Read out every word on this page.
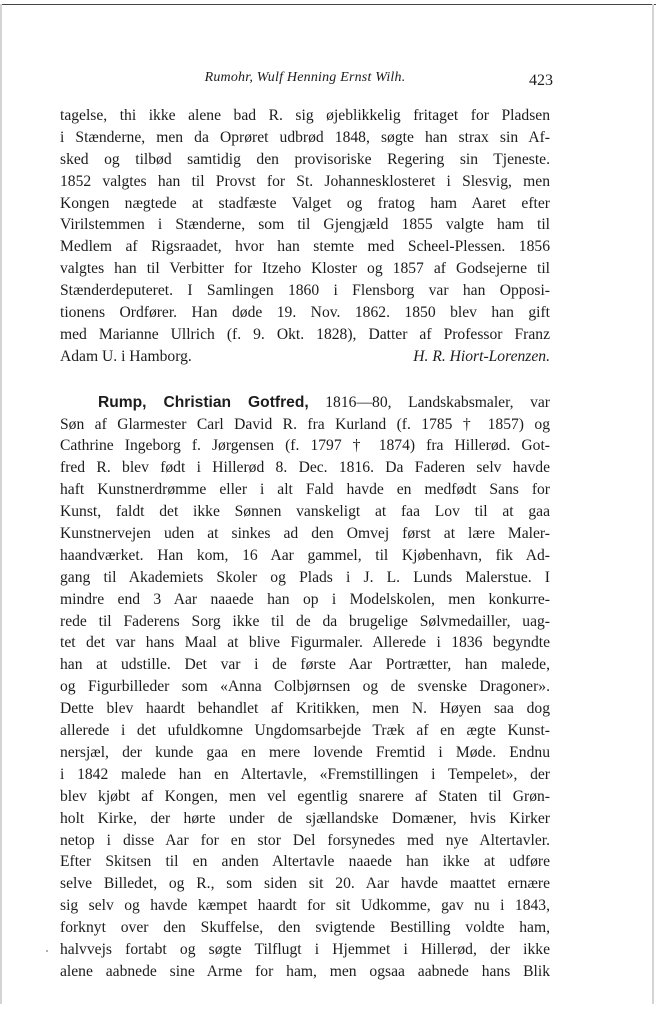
Rumohr, Wulf Henning Ernst Wilh.	423
tagelse, thi ikke alene bad R. sig øjeblikkelig fritaget for Pladsen
i Stænderne, men da Oprøret udbrød 1848, søgte han strax sin Af-
sked og tilbød samtidig den provisoriske Regering sin Tjeneste.
1852 valgtes han til Provst for St. Johannesklosteret i Slesvig, men
Kongen nægtede at stadfæste Valget og fratog ham Aaret efter
Virilstemmen i Stænderne, som til Gjengjæld 1855 valgte ham til
Medlem af Rigsraadet, hvor han stemte med Scheel-Plessen. 1856
valgtes han til Verbitter for Itzeho Kloster og 1857 af Godsejerne til
Stænderdeputeret. I Samlingen 1860 i Flensborg var han Opposi-
tionens Ordfører. Han døde 19. Nov. 1862. 1850 blev han gift
med Marianne Ullrich (f. 9. Okt. 1828), Datter af Professor Franz
Adam U. i Hamborg.	H. R. Hiort-Lorenzen.
Rump, Christian Gotfred, 1816—80, Landskabsmaler, var
Søn af Glarmester Carl David R. fra Kurland (f. 1785 † 1857) og
Cathrine Ingeborg f. Jørgensen (f. 1797 † 1874) fra Hillerød. Got-
fred R. blev født i Hillerød 8. Dec. 1816. Da Faderen selv havde
haft Kunstnerdrømme eller i alt Fald havde en medfødt Sans for
Kunst, faldt det ikke Sønnen vanskeligt at faa Lov til at gaa
Kunstnervejen uden at sinkes ad den Omvej først at lære Maler-
haandværket. Han kom, 16 Aar gammel, til Kjøbenhavn, fik Ad-
gang til Akademiets Skoler og Plads i J. L. Lunds Malerstue. I
mindre end 3 Aar naaede han op i Modelskolen, men konkurre-
rede til Faderens Sorg ikke til de da brugelige Sølvmedailler, uag-
tet det var hans Maal at blive Figurmaler. Allerede i 1836 begyndte
han at udstille. Det var i de første Aar Portrætter, han malede,
og Figurbilleder som «Anna Colbjørnsen og de svenske Dragoner».
Dette blev haardt behandlet af Kritikken, men N. Høyen saa dog
allerede i det ufuldkomne Ungdomsarbejde Træk af en ægte Kunst-
nersjæl, der kunde gaa en mere lovende Fremtid i Møde. Endnu
i 1842 malede han en Altertavle, «Fremstillingen i Tempelet», der
blev kjøbt af Kongen, men vel egentlig snarere af Staten til Grøn-
holt Kirke, der hørte under de sjællandske Domæner, hvis Kirker
netop i disse Aar for en stor Del forsynedes med nye Altertavler.
Efter Skitsen til en anden Altertavle naaede han ikke at udføre
selve Billedet, og R., som siden sit 20. Aar havde maattet ernære
sig selv og havde kæmpet haardt for sit Udkomme, gav nu i 1843,
forknyt over den Skuffelse, den svigtende Bestilling voldte ham,
halvvejs fortabt og søgte Tilflugt i Hjemmet i Hillerød, der ikke
alene aabnede sine Arme for ham, men ogsaa aabnede hans Blik
